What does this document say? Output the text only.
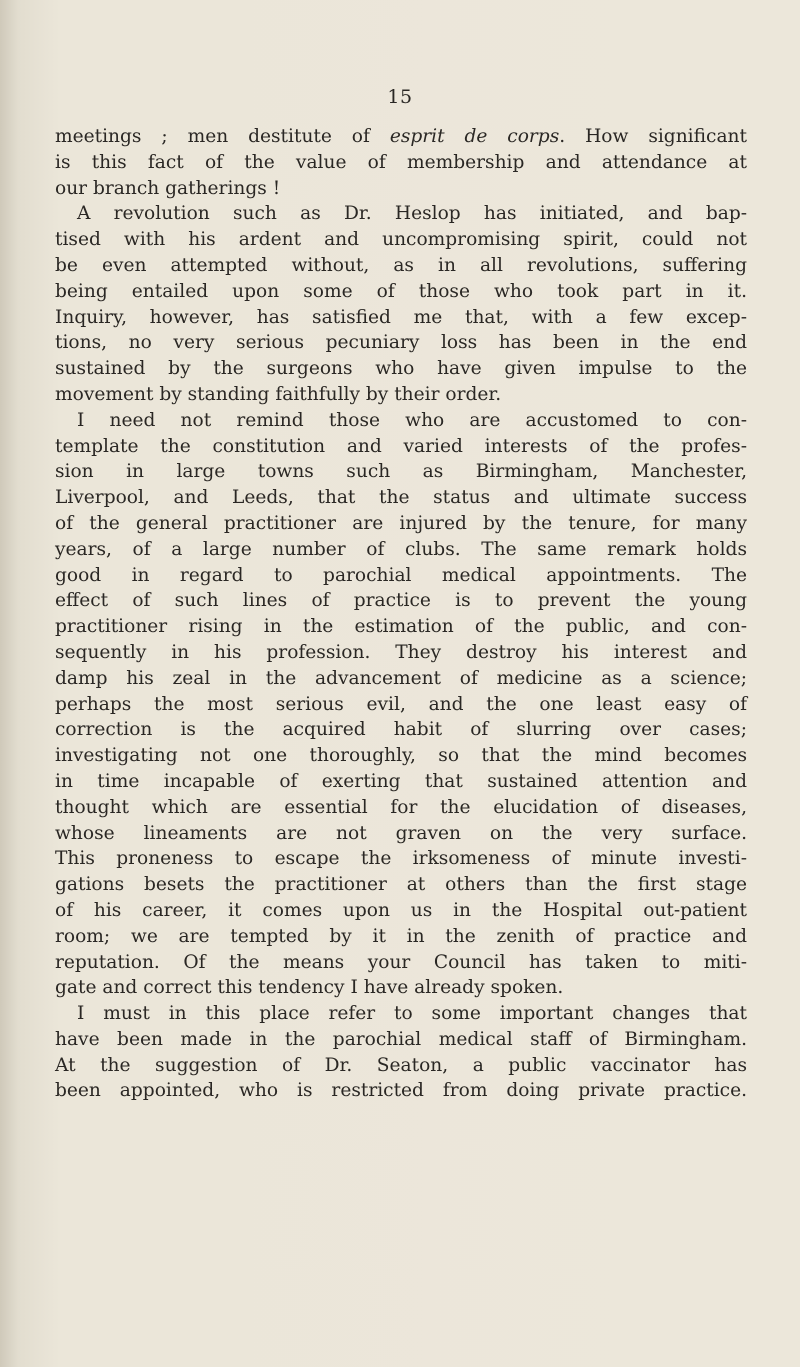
15

meetings ; men destitute of esprit de corps. How significant

is this fact of the value of membership and attendance at

our branch gatherings !

A revolution such as Dr. Heslop has initiated, and bap-

tised with his ardent and uncompromising spirit, could not

be even attempted without, as in all revolutions, suffering

being entailed upon some of those who took part in it.

Inquiry, however, has satisfied me that, with a few excep-

tions, no very serious pecuniary loss has been in the end

sustained by the surgeons who have given impulse to the

movement by standing faithfully by their order.

I need not remind those who are accustomed to con-

template the constitution and varied interests of the profes-

sion in large towns such as Birmingham, Manchester,

Liverpool, and Leeds, that the status and ultimate success

of the general practitioner are injured by the tenure, for many

years, of a large number of clubs. The same remark holds

good in regard to parochial medical appointments. The

effect of such lines of practice is to prevent the young

practitioner rising in the estimation of the public, and con-

sequently in his profession. They destroy his interest and

damp his zeal in the advancement of medicine as a science;

perhaps the most serious evil, and the one least easy of

correction is the acquired habit of slurring over cases;

investigating not one thoroughly, so that the mind becomes

in time incapable of exerting that sustained attention and

thought which are essential for the elucidation of diseases,

whose lineaments are not graven on the very surface.

This proneness to escape the irksomeness of minute investi-

gations besets the practitioner at others than the first stage

of his career, it comes upon us in the Hospital out-patient

room; we are tempted by it in the zenith of practice and

reputation. Of the means your Council has taken to miti-

gate and correct this tendency I have already spoken.

I must in this place refer to some important changes that

have been made in the parochial medical staff of Birmingham.

At the suggestion of Dr. Seaton, a public vaccinator has

been appointed, who is restricted from doing private practice.
